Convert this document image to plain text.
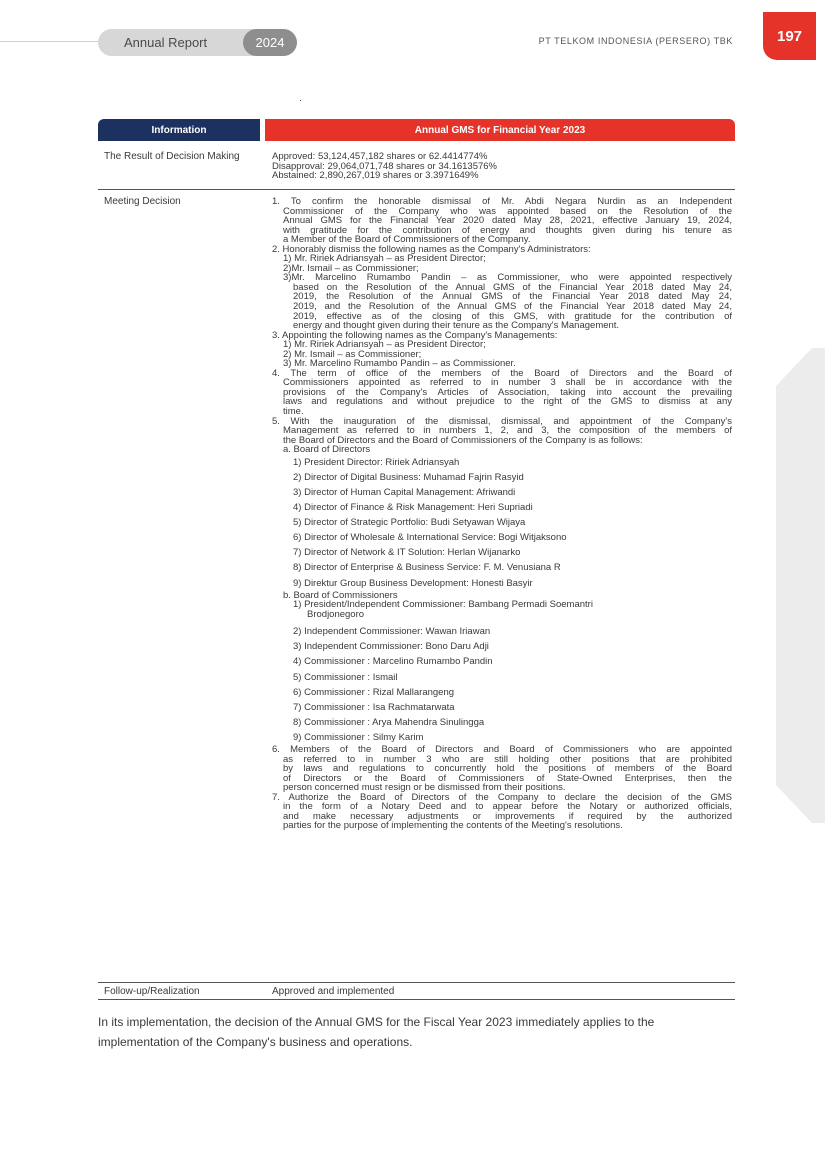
Annual Report	2024	PT TELKOM INDONESIA (PERSERO) TBK	197
Information	Annual GMS for Financial Year 2023
The Result of Decision Making	Approved: 53,124,457,182 shares or 62.4414774%
Disapproval: 29,064,071,748 shares or 34.1613576%
Abstained: 2,890,267,019 shares or 3.3971649%
Meeting Decision	1. To confirm the honorable dismissal of Mr. Abdi Negara Nurdin as an Independent
Commissioner of the Company who was appointed based on the Resolution of the
Annual GMS for the Financial Year 2020 dated May 28, 2021, effective January 19, 2024,
with gratitude for the contribution of energy and thoughts given during his tenure as
a Member of the Board of Commissioners of the Company.
2. Honorably dismiss the following names as the Company's Administrators:
1) Mr. Ririek Adriansyah – as President Director;
2)Mr. Ismail – as Commissioner;
3)Mr. Marcelino Rumambo Pandin – as Commissioner, who were appointed respectively
based on the Resolution of the Annual GMS of the Financial Year 2018 dated May 24,
2019, the Resolution of the Annual GMS of the Financial Year 2018 dated May 24,
2019, and the Resolution of the Annual GMS of the Financial Year 2018 dated May 24,
2019, effective as of the closing of this GMS, with gratitude for the contribution of
energy and thought given during their tenure as the Company's Management.
3. Appointing the following names as the Company's Managements:
1) Mr. Ririek Adriansyah – as President Director;
2) Mr. Ismail – as Commissioner;
3) Mr. Marcelino Rumambo Pandin – as Commissioner.
4. The term of office of the members of the Board of Directors and the Board of
Commissioners appointed as referred to in number 3 shall be in accordance with the
provisions of the Company's Articles of Association, taking into account the prevailing
laws and regulations and without prejudice to the right of the GMS to dismiss at any
time.
5. With the inauguration of the dismissal, dismissal, and appointment of the Company's
Management as referred to in numbers 1, 2, and 3, the composition of the members of
the Board of Directors and the Board of Commissioners of the Company is as follows:
a. Board of Directors
1) President Director: Ririek Adriansyah
2) Director of Digital Business: Muhamad Fajrin Rasyid
3) Director of Human Capital Management: Afriwandi
4) Director of Finance & Risk Management: Heri Supriadi
5) Director of Strategic Portfolio: Budi Setyawan Wijaya
6) Director of Wholesale & International Service: Bogi Witjaksono
7) Director of Network & IT Solution: Herlan Wijanarko
8) Director of Enterprise & Business Service: F. M. Venusiana R
9) Direktur Group Business Development: Honesti Basyir
b. Board of Commissioners
1) President/Independent Commissioner: Bambang Permadi Soemantri
Brodjonegoro
2) Independent Commissioner: Wawan Iriawan
3) Independent Commissioner: Bono Daru Adji
4) Commissioner : Marcelino Rumambo Pandin
5) Commissioner : Ismail
6) Commissioner : Rizal Mallarangeng
7) Commissioner : Isa Rachmatarwata
8) Commissioner : Arya Mahendra Sinulingga
9) Commissioner : Silmy Karim
6. Members of the Board of Directors and Board of Commissioners who are appointed
as referred to in number 3 who are still holding other positions that are prohibited
by laws and regulations to concurrently hold the positions of members of the Board
of Directors or the Board of Commissioners of State-Owned Enterprises, then the
person concerned must resign or be dismissed from their positions.
7. Authorize the Board of Directors of the Company to declare the decision of the GMS
in the form of a Notary Deed and to appear before the Notary or authorized officials,
and make necessary adjustments or improvements if required by the authorized
parties for the purpose of implementing the contents of the Meeting's resolutions.
Follow-up/Realization	Approved and implemented
In its implementation, the decision of the Annual GMS for the Fiscal Year 2023 immediately applies to the implementation of the Company's business and operations.
